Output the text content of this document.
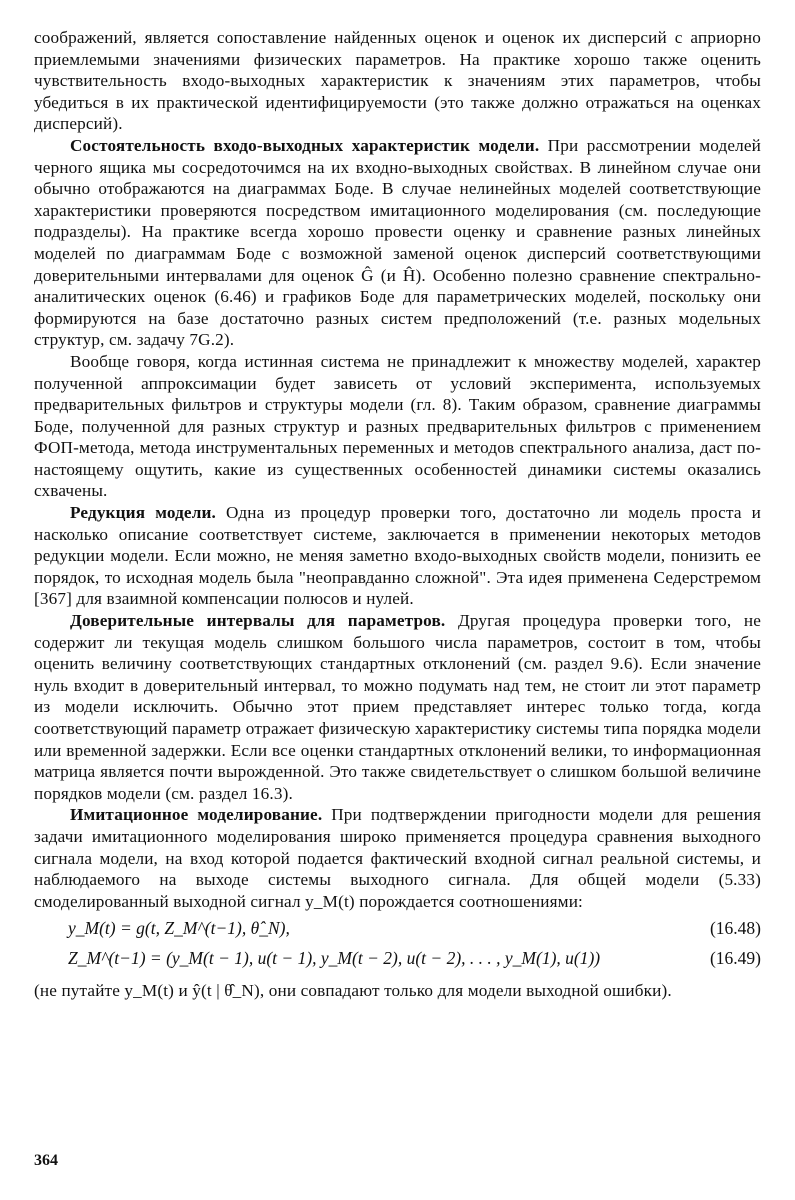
соображений, является сопоставление найденных оценок и оценок их дисперсий с априорно приемлемыми значениями физических параметров. На практике хорошо также оценить чувствительность входо-выходных характеристик к значениям этих параметров, чтобы убедиться в их практической идентифицируемости (это также должно отражаться на оценках дисперсий).

Состоятельность входо-выходных характеристик модели. При рассмотрении моделей черного ящика мы сосредоточимся на их входно-выходных свойствах. В линейном случае они обычно отображаются на диаграммах Боде. В случае нелинейных моделей соответствующие характеристики проверяются посредством имитационного моделирования (см. последующие подразделы). На практике всегда хорошо провести оценку и сравнение разных линейных моделей по диаграммам Боде с возможной заменой оценок дисперсий соответствующими доверительными интервалами для оценок Ĝ (и Ĥ). Особенно полезно сравнение спектрально-аналитических оценок (6.46) и графиков Боде для параметрических моделей, поскольку они формируются на базе достаточно разных систем предположений (т.е. разных модельных структур, см. задачу 7G.2).

Вообще говоря, когда истинная система не принадлежит к множеству моделей, характер полученной аппроксимации будет зависеть от условий эксперимента, используемых предварительных фильтров и структуры модели (гл. 8). Таким образом, сравнение диаграммы Боде, полученной для разных структур и разных предварительных фильтров с применением ФОП-метода, метода инструментальных переменных и методов спектрального анализа, даст по-настоящему ощутить, какие из существенных особенностей динамики системы оказались схвачены.

Редукция модели. Одна из процедур проверки того, достаточно ли модель проста и насколько описание соответствует системе, заключается в применении некоторых методов редукции модели. Если можно, не меняя заметно входо-выходных свойств модели, понизить ее порядок, то исходная модель была "неоправданно сложной". Эта идея применена Седерстремом [367] для взаимной компенсации полюсов и нулей.

Доверительные интервалы для параметров. Другая процедура проверки того, не содержит ли текущая модель слишком большого числа параметров, состоит в том, чтобы оценить величину соответствующих стандартных отклонений (см. раздел 9.6). Если значение нуль входит в доверительный интервал, то можно подумать над тем, не стоит ли этот параметр из модели исключить. Обычно этот прием представляет интерес только тогда, когда соответствующий параметр отражает физическую характеристику системы типа порядка модели или временной задержки. Если все оценки стандартных отклонений велики, то информационная матрица является почти вырожденной. Это также свидетельствует о слишком большой величине порядков модели (см. раздел 16.3).

Имитационное моделирование. При подтверждении пригодности модели для решения задачи имитационного моделирования широко применяется процедура сравнения выходного сигнала модели, на вход которой подается фактический входной сигнал реальной системы, и наблюдаемого на выходе системы выходного сигнала. Для общей модели (5.33) смоделированный выходной сигнал y_M(t) порождается соотношениями:

y_M(t) = g(t, Z_M^(t−1), θ̂_N),	(16.48)
Z_M^(t−1) = (y_M(t − 1), u(t − 1), y_M(t − 2), u(t − 2), . . . , y_M(1), u(1))	(16.49)

(не путайте y_M(t) и ŷ(t | θ̂_N), они совпадают только для модели выходной ошибки).

364
